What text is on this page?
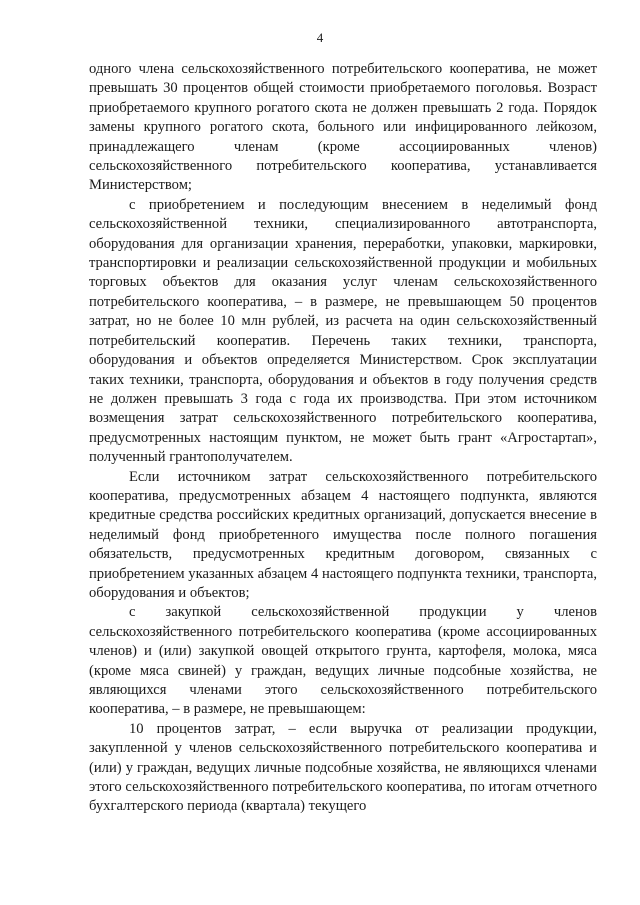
4

одного члена сельскохозяйственного потребительского кооператива, не может превышать 30 процентов общей стоимости приобретаемого поголовья. Возраст приобретаемого крупного рогатого скота не должен превышать 2 года. Порядок замены крупного рогатого скота, больного или инфицированного лейкозом, принадлежащего членам (кроме ассоциированных членов) сельскохозяйственного потребительского кооператива, устанавливается Министерством;

с приобретением и последующим внесением в неделимый фонд сельскохозяйственной техники, специализированного автотранспорта, оборудования для организации хранения, переработки, упаковки, маркировки, транспортировки и реализации сельскохозяйственной продукции и мобильных торговых объектов для оказания услуг членам сельскохозяйственного потребительского кооператива, – в размере, не превышающем 50 процентов затрат, но не более 10 млн рублей, из расчета на один сельскохозяйственный потребительский кооператив. Перечень таких техники, транспорта, оборудования и объектов определяется Министерством. Срок эксплуатации таких техники, транспорта, оборудования и объектов в году получения средств не должен превышать 3 года с года их производства. При этом источником возмещения затрат сельскохозяйственного потребительского кооператива, предусмотренных настоящим пунктом, не может быть грант «Агростартап», полученный грантополучателем.

Если источником затрат сельскохозяйственного потребительского кооператива, предусмотренных абзацем 4 настоящего подпункта, являются кредитные средства российских кредитных организаций, допускается внесение в неделимый фонд приобретенного имущества после полного погашения обязательств, предусмотренных кредитным договором, связанных с приобретением указанных абзацем 4 настоящего подпункта техники, транспорта, оборудования и объектов;

с закупкой сельскохозяйственной продукции у членов сельскохозяйственного потребительского кооператива (кроме ассоциированных членов) и (или) закупкой овощей открытого грунта, картофеля, молока, мяса (кроме мяса свиней) у граждан, ведущих личные подсобные хозяйства, не являющихся членами этого сельскохозяйственного потребительского кооператива, – в размере, не превышающем:

10 процентов затрат, – если выручка от реализации продукции, закупленной у членов сельскохозяйственного потребительского кооператива и (или) у граждан, ведущих личные подсобные хозяйства, не являющихся членами этого сельскохозяйственного потребительского кооператива, по итогам отчетного бухгалтерского периода (квартала) текущего
